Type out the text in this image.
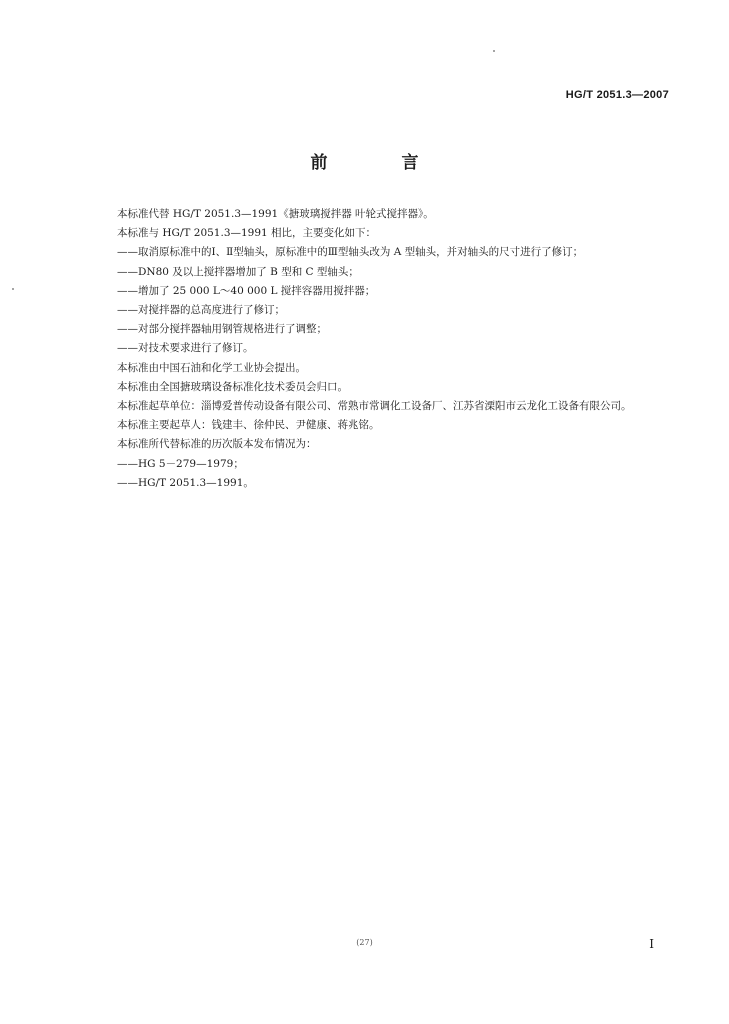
HG/T 2051.3—2007
前 言
本标准代替 HG/T 2051.3—1991《搪玻璃搅拌器 叶轮式搅拌器》。
本标准与 HG/T 2051.3—1991 相比，主要变化如下：
——取消原标准中的Ⅰ、Ⅱ型轴头，原标准中的Ⅲ型轴头改为 A 型轴头，并对轴头的尺寸进行了修订；
——DN80 及以上搅拌器增加了 B 型和 C 型轴头；
——增加了 25 000 L～40 000 L 搅拌容器用搅拌器；
——对搅拌器的总高度进行了修订；
——对部分搅拌器轴用钢管规格进行了调整；
——对技术要求进行了修订。
本标准由中国石油和化学工业协会提出。
本标准由全国搪玻璃设备标准化技术委员会归口。
本标准起草单位：淄博爱普传动设备有限公司、常熟市常调化工设备厂、江苏省溧阳市云龙化工设备有限公司。
本标准主要起草人：钱建丰、徐仲民、尹健康、蒋兆铭。
本标准所代替标准的历次版本发布情况为：
——HG 5－279—1979；
——HG/T 2051.3—1991。
(27)	I
